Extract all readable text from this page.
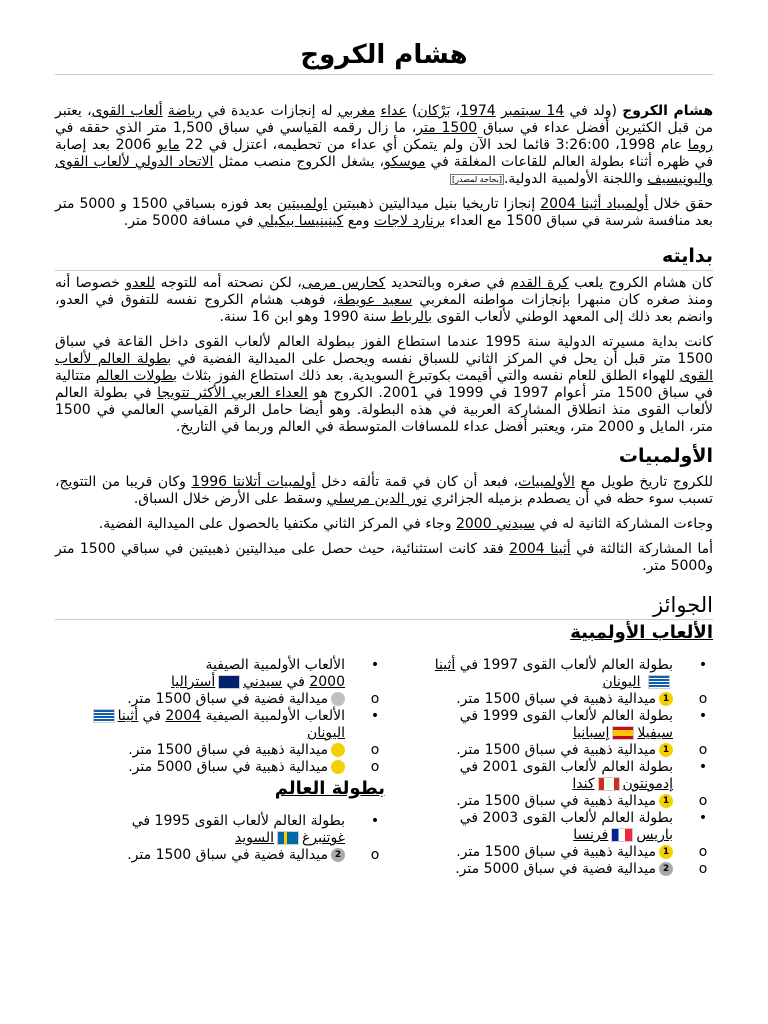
هشام الكروج

هشام الكروج (ولد في 14 سبتمبر 1974، بَرْكان) عداء مغربي له إنجازات عديدة في رياضة ألعاب القوى، يعتبر من قبل الكثيرين أفضل عداء في سباق 1500 متر، ما زال رقمه القياسي في سباق 1,500 متر الذي حققه في روما عام 1998، 3:26:00 قائما لحد الآن ولم يتمكن أي عداء من تحطيمه، اعتزل في 22 مايو 2006 بعد إصابة في ظهره أثناء بطولة العالم للقاعات المغلقة في موسكو، يشغل الكروج منصب ممثل الاتحاد الدولي لألعاب القوى واليونيسيف واللجنة الأولمبية الدولية.[بحاجة لمصدر]

حقق خلال أولمبياد أثينا 2004 إنجازا تاريخيا بنيل ميداليتين ذهبيتين اولمبيتين بعد فوزه بسباقي 1500 و 5000 متر بعد منافسة شرسة في سباق 1500 مع العداء برنارد لاجات ومع كينينيسا بيكيلي في مسافة 5000 متر.

بدايته

كان هشام الكروج يلعب كرة القدم في صغره وبالتحديد كحارس مرمى، لكن نصحته أمه للتوجه للعدو خصوصا أنه ومنذ صغره كان منبهرا بإنجازات مواطنه المغربي سعيد عويطة، فوهب هشام الكروج نفسه للتفوق في العدو، وانضم بعد ذلك إلى المعهد الوطني لألعاب القوى بالرباط سنة 1990 وهو ابن 16 سنة.

كانت بداية مسيرته الدولية سنة 1995 عندما استطاع الفوز ببطولة العالم لألعاب القوى داخل القاعة في سباق 1500 متر قبل أن يحل في المركز الثاني للسباق نفسه ويحصل على الميدالية الفضية في بطولة العالم لألعاب القوى للهواء الطلق للعام نفسه والتي أقيمت بكوتبرغ السويدية. بعد ذلك استطاع الفوز بثلاث بطولات العالم متتالية في سباق 1500 متر أعوام 1997 في 1999 في 2001. الكروج هو العداء العربي الأكثر تتويجا في بطولة العالم لألعاب القوى منذ انطلاق المشاركة العربية في هذه البطولة. وهو أيضا حامل الرقم القياسي العالمي في 1500 متر، المايل و 2000 متر، ويعتبر أفضل عداء للمسافات المتوسطة في العالم وربما في التاريخ.

الأولمبيات

للكروج تاريخ طويل مع الأولمبيات، فبعد أن كان في قمة تألقه دخل أولمبيات أتلانتا 1996 وكان قريبا من التتويج، تسبب سوء حظه في أن يصطدم بزميله الجزائري نور الدين مرسلي وسقط على الأرض خلال السباق.

وجاءت المشاركة الثانية له في سيدني 2000 وجاء في المركز الثاني مكتفيا بالحصول على الميدالية الفضية.

أما المشاركة الثالثة في أثينا 2004 فقد كانت استثنائية، حيث حصل على ميداليتين ذهبيتين في سباقي 1500 متر و5000 متر.

الجوائز
الألعاب الأولمبية
•
بطولة العالم لألعاب القوى 1997 في أثينا اليونان
o
1ميدالية ذهبية في سباق 1500 متر.
•
بطولة العالم لألعاب القوى 1999 في
سيفيلاإسبانيا
o
1ميدالية ذهبية في سباق 1500 متر.
•
بطولة العالم لألعاب القوى 2001 في
إدمونتونكندا
o
1ميدالية ذهبية في سباق 1500 متر.
•
بطولة العالم لألعاب القوى 2003 في
باريسفرنسا
o
1ميدالية ذهبية في سباق 1500 متر.
o
2ميدالية فضية في سباق 5000 متر.
•
الألعاب الأولمبية الصيفية
2000 في سيدنيأستراليا
o
ميدالية فضية في سباق 1500 متر.
•
الألعاب الأولمبية الصيفية 2004 في أثينا
اليونان
o
ميدالية ذهبية في سباق 1500 متر.
o
ميدالية ذهبية في سباق 5000 متر.
بطولة العالم
•
بطولة العالم لألعاب القوى 1995 في
غوتنبرغالسويد
o
2ميدالية فضية في سباق 1500 متر.
